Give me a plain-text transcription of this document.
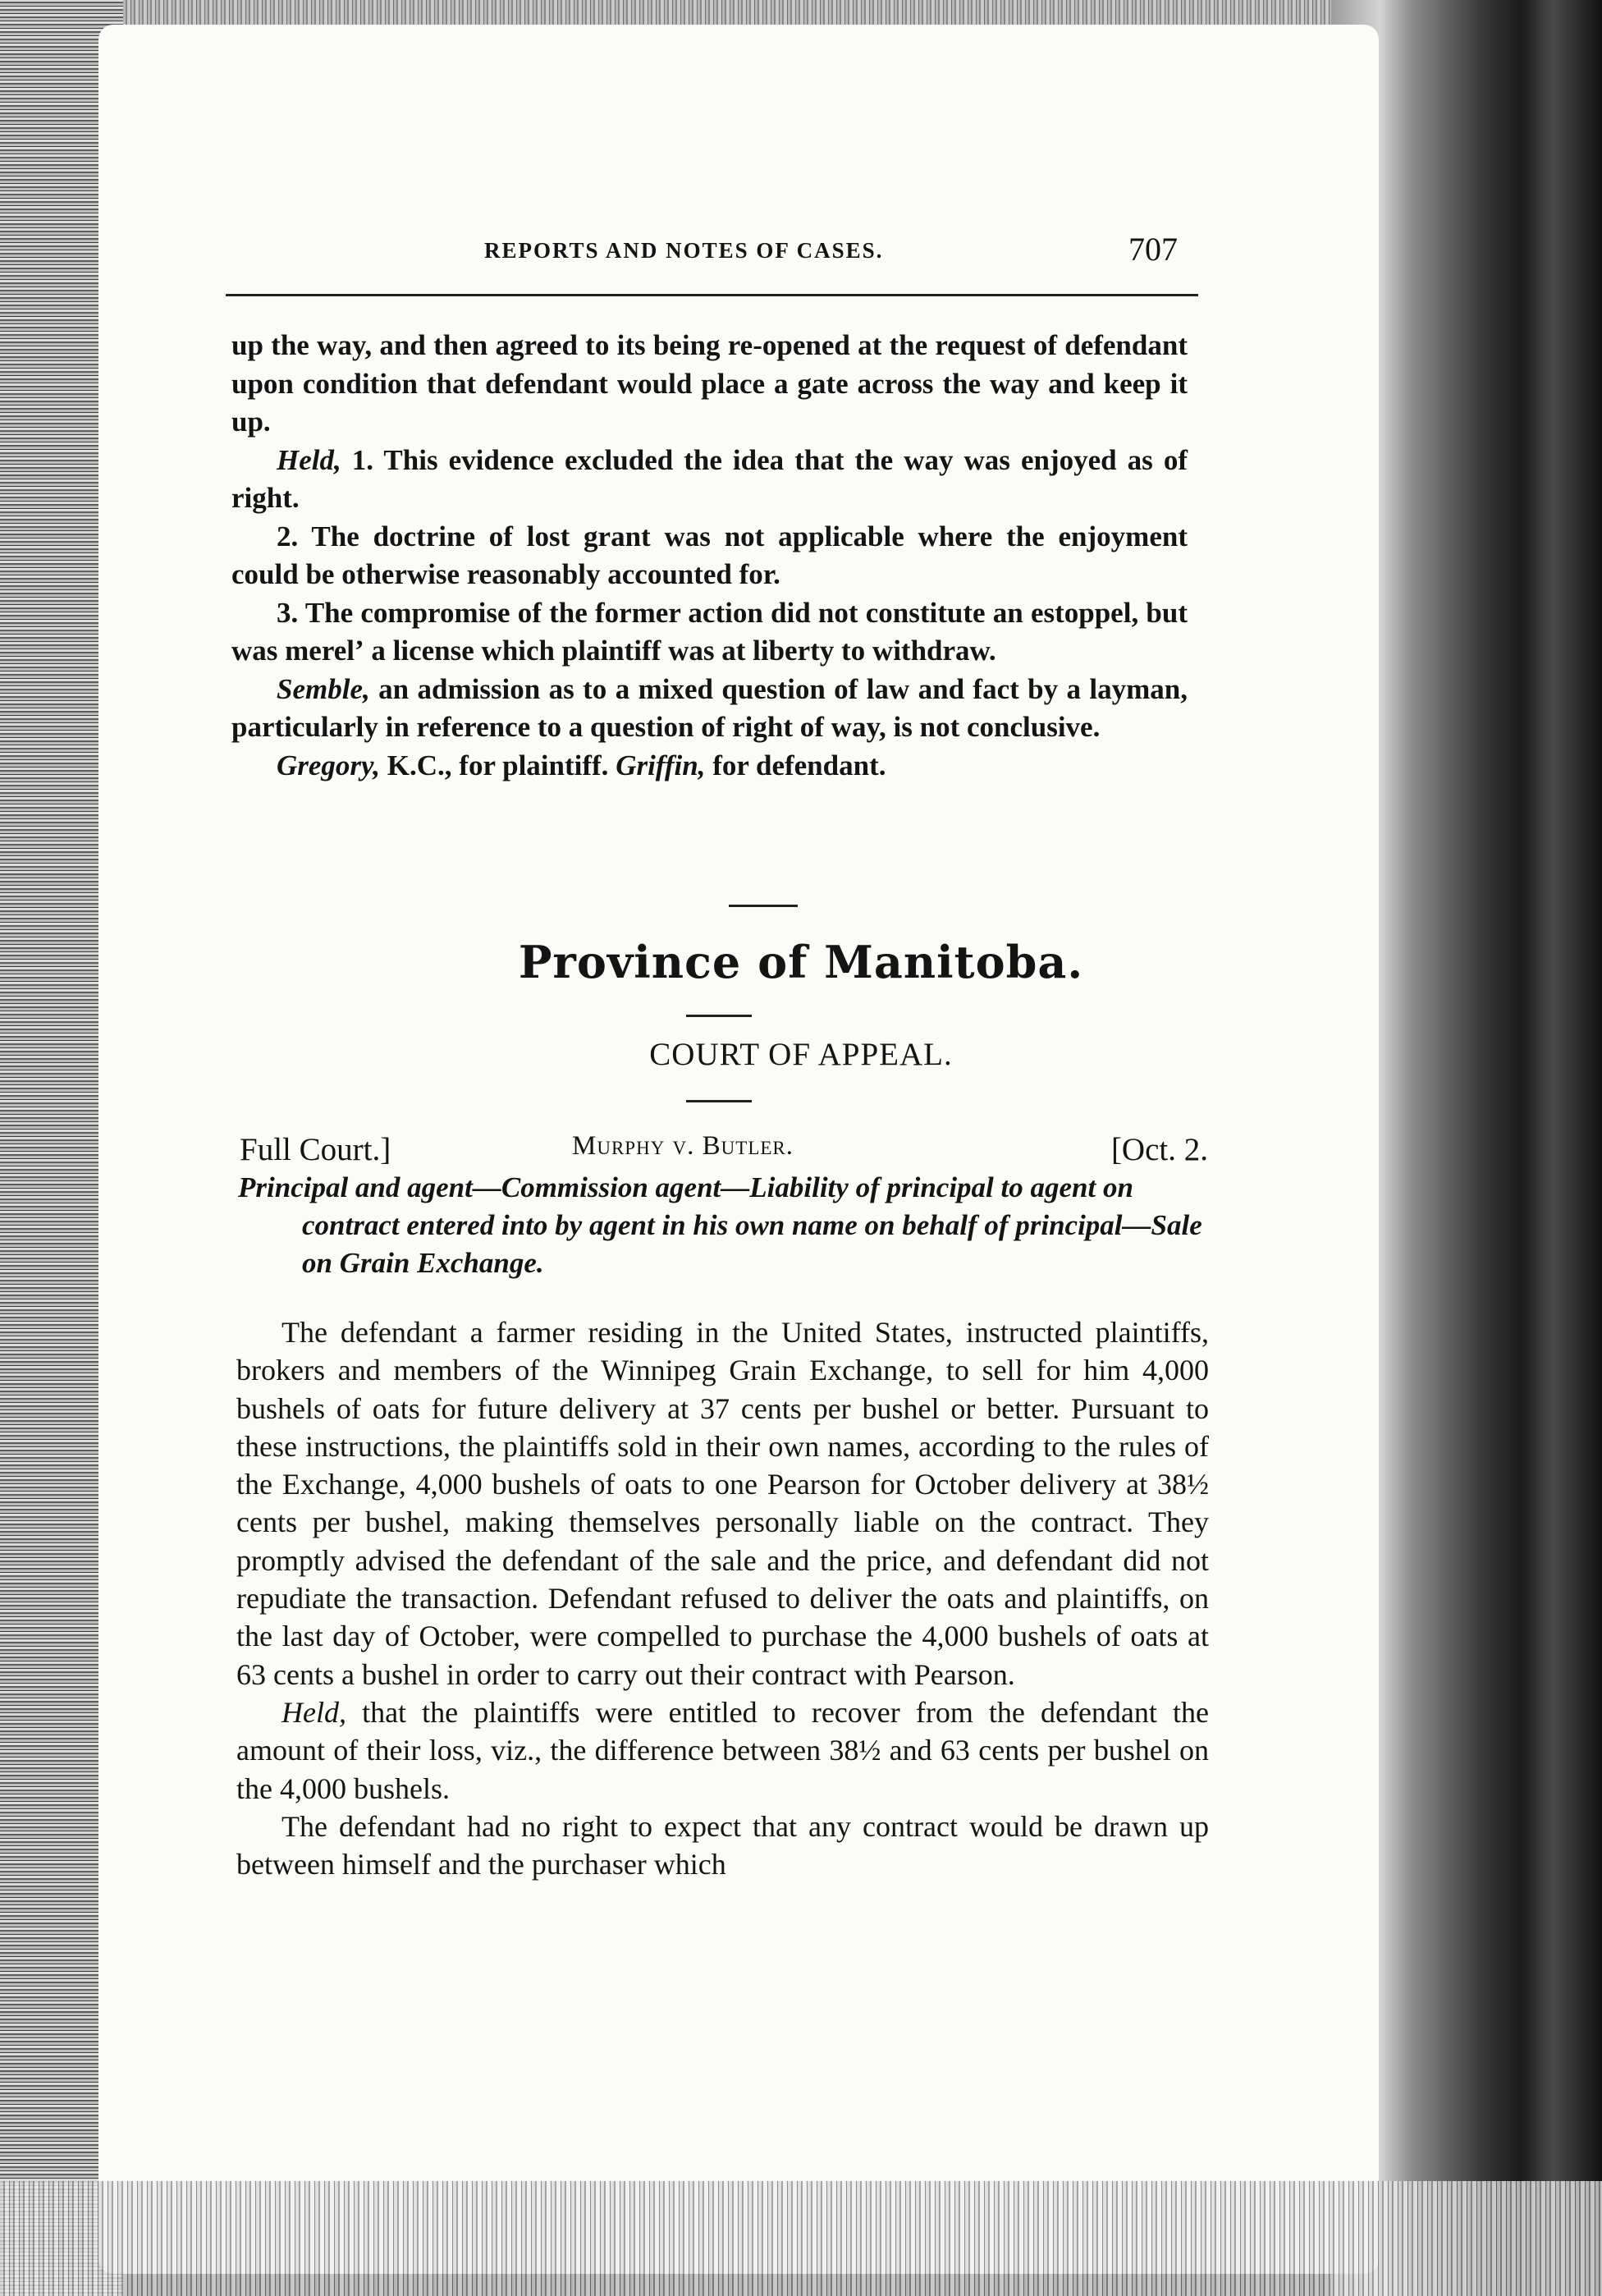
REPORTS AND NOTES OF CASES.	707

up the way, and then agreed to its being re-opened at the request of defendant upon condition that defendant would place a gate across the way and keep it up.

Held, 1. This evidence excluded the idea that the way was enjoyed as of right.

2. The doctrine of lost grant was not applicable where the enjoyment could be otherwise reasonably accounted for.

3. The compromise of the former action did not constitute an estoppel, but was merelʼ a license which plaintiff was at liberty to withdraw.

Semble, an admission as to a mixed question of law and fact by a layman, particularly in reference to a question of right of way, is not conclusive.

Gregory, K.C., for plaintiff. Griffin, for defendant.

Province of Manitoba.
COURT OF APPEAL.
Full Court.]	Murphy v. Butler.	[Oct. 2.

Principal and agent—Commission agent—Liability of principal to agent on contract entered into by agent in his own name on behalf of principal—Sale on Grain Exchange.

The defendant a farmer residing in the United States, instructed plaintiffs, brokers and members of the Winnipeg Grain Exchange, to sell for him 4,000 bushels of oats for future delivery at 37 cents per bushel or better. Pursuant to these instructions, the plaintiffs sold in their own names, according to the rules of the Exchange, 4,000 bushels of oats to one Pearson for October delivery at 38½ cents per bushel, making themselves personally liable on the contract. They promptly advised the defendant of the sale and the price, and defendant did not repudiate the transaction. Defendant refused to deliver the oats and plaintiffs, on the last day of October, were compelled to purchase the 4,000 bushels of oats at 63 cents a bushel in order to carry out their contract with Pearson.

Held, that the plaintiffs were entitled to recover from the defendant the amount of their loss, viz., the difference between 38½ and 63 cents per bushel on the 4,000 bushels.

The defendant had no right to expect that any contract would be drawn up between himself and the purchaser which
